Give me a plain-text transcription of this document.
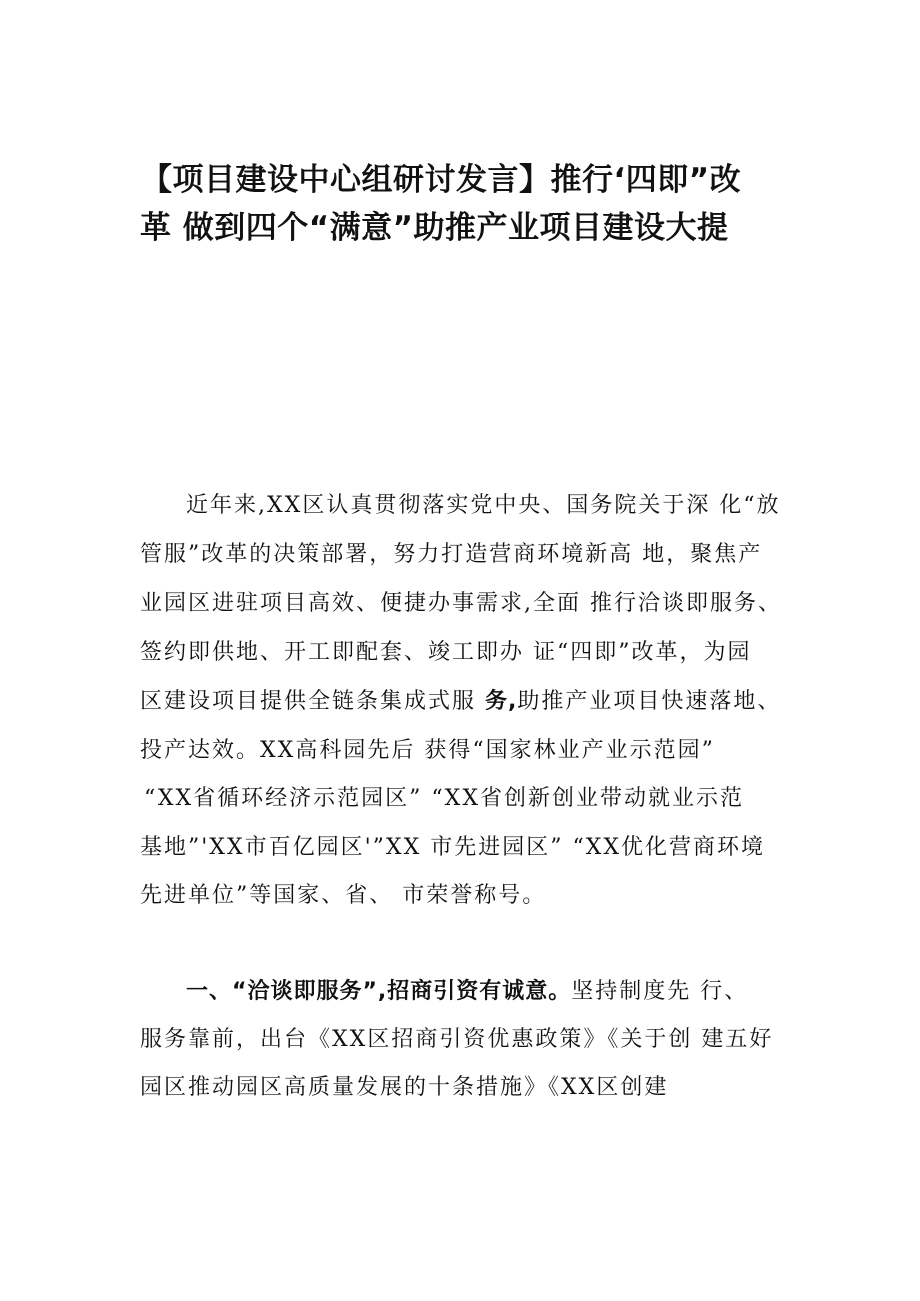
【项目建设中心组研讨发言】推行‘四即”改
革 做到四个“满意”助推产业项目建设大提
近年来,XX区认真贯彻落实党中央、国务院关于深 化“放
管服”改革的决策部署，努力打造营商环境新高 地，聚焦产
业园区进驻项目高效、便捷办事需求,全面 推行洽谈即服务、
签约即供地、开工即配套、竣工即办 证“四即”改革，为园
区建设项目提供全链条集成式服 务,助推产业项目快速落地、
投产达效。XX高科园先后 获得“国家林业产业示范园”
“XX省循环经济示范园区” “XX省创新创业带动就业示范
基地”'XX市百亿园区'”XX 市先进园区” “XX优化营商环境
先进单位”等国家、省、 市荣誉称号。
一、“洽谈即服务”,招商引资有诚意。坚持制度先 行、
服务靠前，出台《XX区招商引资优惠政策》《关于创 建五好
园区推动园区高质量发展的十条措施》《XX区创建
